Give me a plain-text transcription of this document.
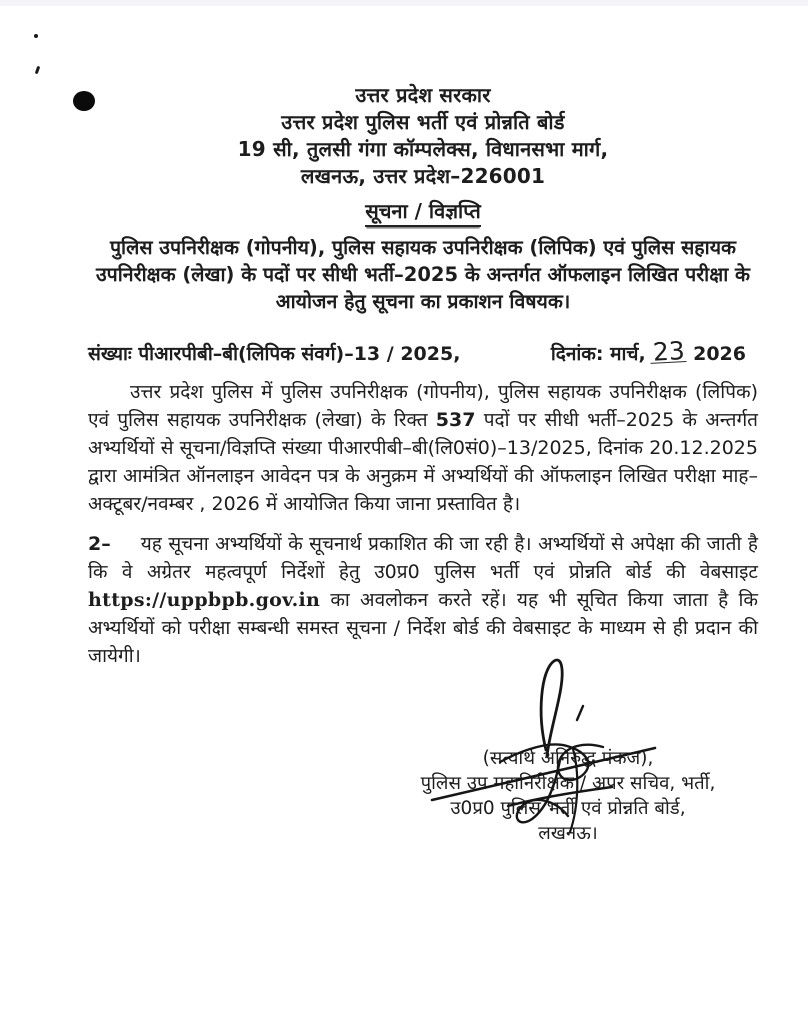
उत्तर प्रदेश सरकार
उत्तर प्रदेश पुलिस भर्ती एवं प्रोन्नति बोर्ड
19 सी, तुलसी गंगा कॉम्पलेक्स, विधानसभा मार्ग,
लखनऊ, उत्तर प्रदेश–226001
सूचना / विज्ञप्ति

पुलिस उपनिरीक्षक (गोपनीय), पुलिस सहायक उपनिरीक्षक (लिपिक) एवं पुलिस सहायक उपनिरीक्षक (लेखा) के पदों पर सीधी भर्ती–2025 के अन्तर्गत ऑफलाइन लिखित परीक्षा के आयोजन हेतु सूचना का प्रकाशन विषयक।

संख्याः पीआरपीबी–बी(लिपिक संवर्ग)–13 / 2025,	दिनांक: मार्च, 23 2026

उत्तर प्रदेश पुलिस में पुलिस उपनिरीक्षक (गोपनीय), पुलिस सहायक उपनिरीक्षक (लिपिक) एवं पुलिस सहायक उपनिरीक्षक (लेखा) के रिक्त 537 पदों पर सीधी भर्ती–2025 के अन्तर्गत अभ्यर्थियों से सूचना/विज्ञप्ति संख्या पीआरपीबी–बी(लि0सं0)–13/2025, दिनांक 20.12.2025 द्वारा आमंत्रित ऑनलाइन आवेदन पत्र के अनुक्रम में अभ्यर्थियों की ऑफलाइन लिखित परीक्षा माह–अक्टूबर/नवम्बर , 2026 में आयोजित किया जाना प्रस्तावित है।

2– यह सूचना अभ्यर्थियों के सूचनार्थ प्रकाशित की जा रही है। अभ्यर्थियों से अपेक्षा की जाती है कि वे अग्रेतर महत्वपूर्ण निर्देशों हेतु उ0प्र0 पुलिस भर्ती एवं प्रोन्नति बोर्ड की वेबसाइट https://uppbpb.gov.in का अवलोकन करते रहें। यह भी सूचित किया जाता है कि अभ्यर्थियों को परीक्षा सम्बन्धी समस्त सूचना / निर्देश बोर्ड की वेबसाइट के माध्यम से ही प्रदान की जायेगी।

(सत्यार्थ अनिरुद्ध पंकज),
पुलिस उप महानिरीक्षक / अपर सचिव, भर्ती,
उ0प्र0 पुलिस भर्ती एवं प्रोन्नति बोर्ड,
लखनऊ।
